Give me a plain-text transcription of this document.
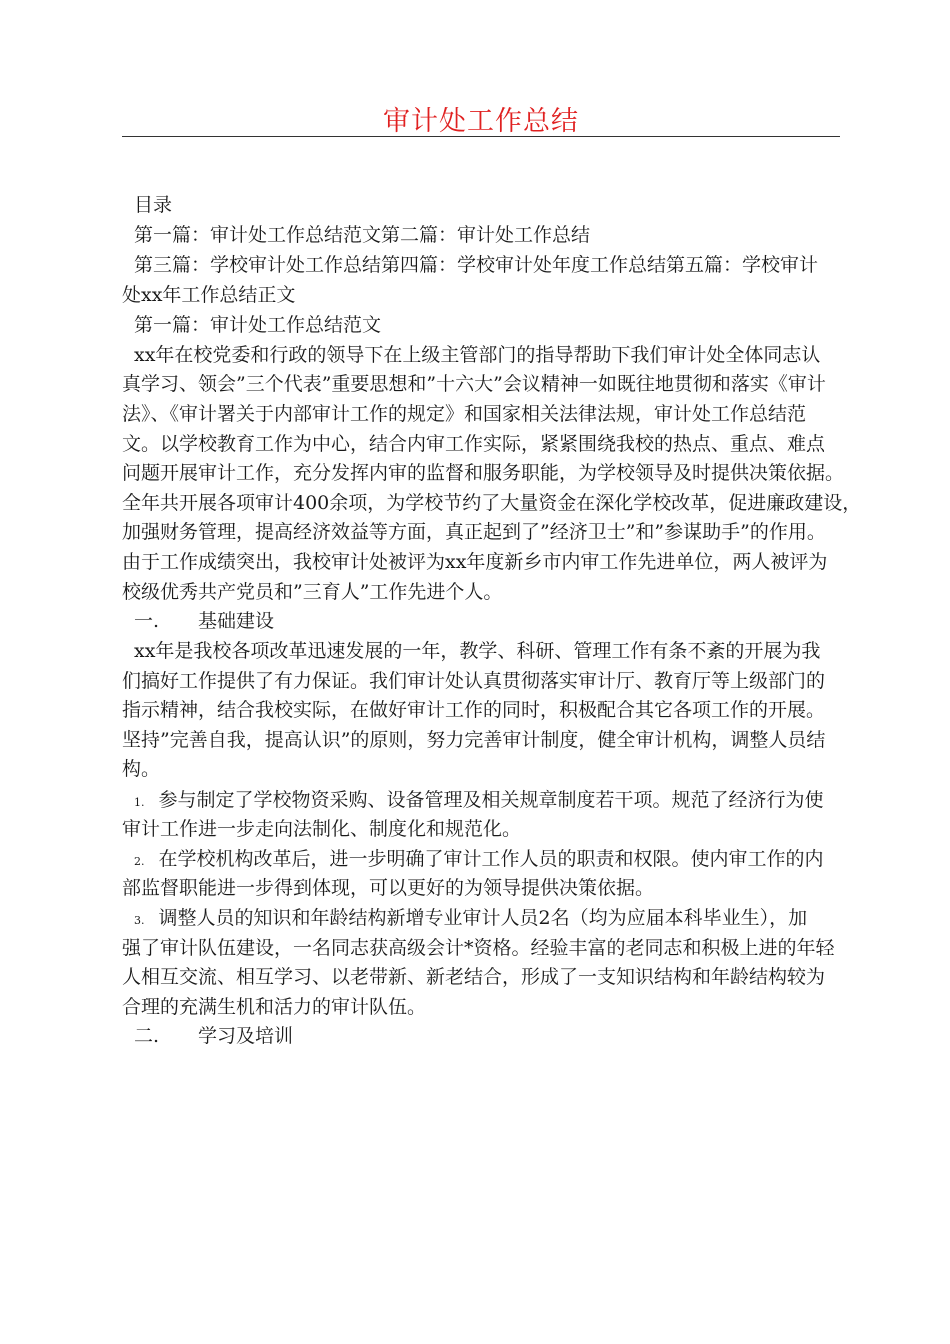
审计处工作总结
目录
第一篇：审计处工作总结范文第二篇：审计处工作总结
第三篇：学校审计处工作总结第四篇：学校审计处年度工作总结第五篇：学校审计
处xx年工作总结正文
第一篇：审计处工作总结范文
xx年在校党委和行政的领导下在上级主管部门的指导帮助下我们审计处全体同志认
真学习、领会”三个代表”重要思想和”十六大”会议精神一如既往地贯彻和落实《审计
法》、《审计署关于内部审计工作的规定》和国家相关法律法规，审计处工作总结范
文。以学校教育工作为中心，结合内审工作实际，紧紧围绕我校的热点、重点、难点
问题开展审计工作，充分发挥内审的监督和服务职能，为学校领导及时提供决策依据。
全年共开展各项审计400余项，为学校节约了大量资金在深化学校改革，促进廉政建设，
加强财务管理，提高经济效益等方面，真正起到了”经济卫士”和”参谋助手”的作用。
由于工作成绩突出，我校审计处被评为xx年度新乡市内审工作先进单位，两人被评为
校级优秀共产党员和”三育人”工作先进个人。
一. 基础建设
xx年是我校各项改革迅速发展的一年，教学、科研、管理工作有条不紊的开展为我
们搞好工作提供了有力保证。我们审计处认真贯彻落实审计厅、教育厅等上级部门的
指示精神，结合我校实际，在做好审计工作的同时，积极配合其它各项工作的开展。
坚持”完善自我，提高认识”的原则，努力完善审计制度，健全审计机构，调整人员结
构。
1. 参与制定了学校物资采购、设备管理及相关规章制度若干项。规范了经济行为使
审计工作进一步走向法制化、制度化和规范化。
2. 在学校机构改革后，进一步明确了审计工作人员的职责和权限。使内审工作的内
部监督职能进一步得到体现，可以更好的为领导提供决策依据。
3. 调整人员的知识和年龄结构新增专业审计人员2名（均为应届本科毕业生），加
强了审计队伍建设，一名同志获高级会计*资格。经验丰富的老同志和积极上进的年轻
人相互交流、相互学习、以老带新、新老结合，形成了一支知识结构和年龄结构较为
合理的充满生机和活力的审计队伍。
二. 学习及培训
